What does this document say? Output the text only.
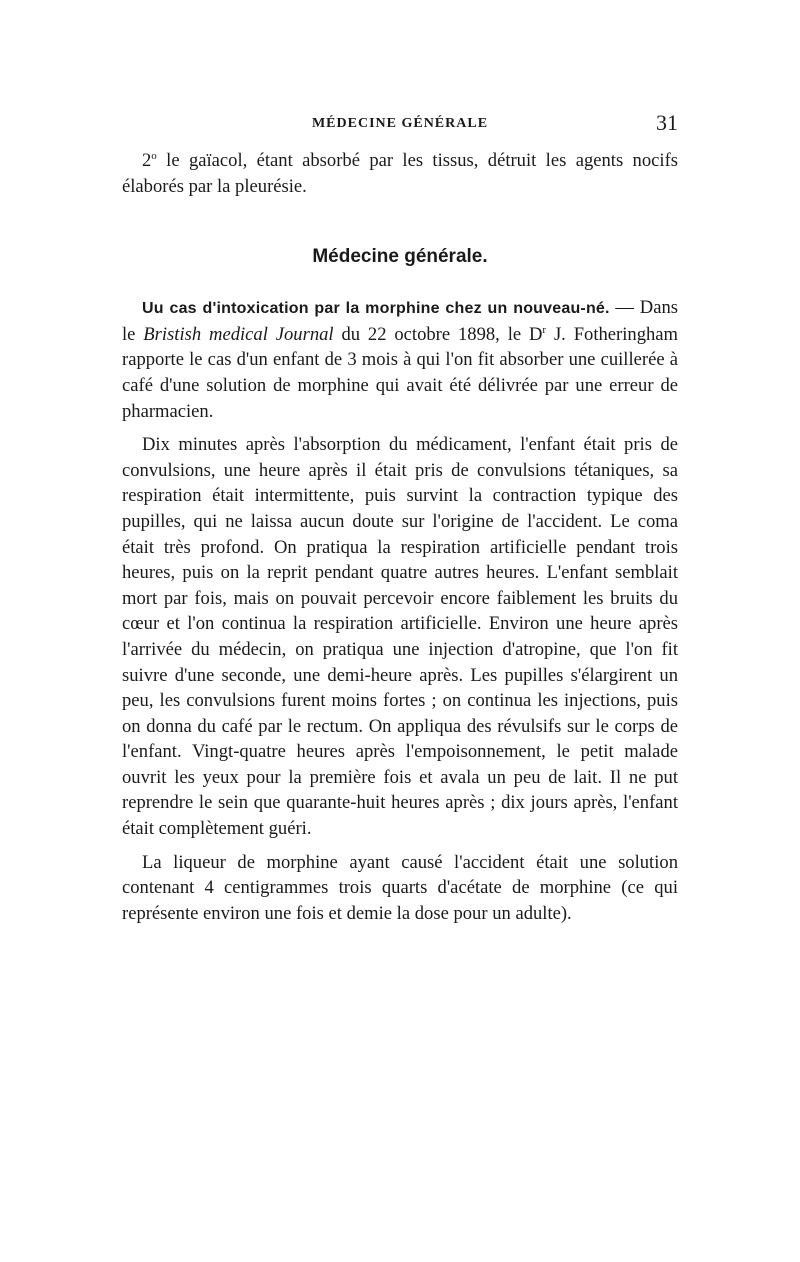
MÉDECINE GÉNÉRALE	31

2$^o$ le gaïacol, étant absorbé par les tissus, détruit les agents nocifs élaborés par la pleurésie.

Médecine générale.

Uu cas d'intoxication par la morphine chez un nouveau-né. — Dans le Bristish medical Journal du 22 octobre 1898, le $D^r$ J. Fotheringham rapporte le cas d'un enfant de 3 mois à qui l'on fit absorber une cuillerée à café d'une solution de morphine qui avait été délivrée par une erreur de pharmacien.

Dix minutes après l'absorption du médicament, l'enfant était pris de convulsions, une heure après il était pris de convulsions tétaniques, sa respiration était intermittente, puis survint la contraction typique des pupilles, qui ne laissa aucun doute sur l'origine de l'accident. Le coma était très profond. On pratiqua la respiration artificielle pendant trois heures, puis on la reprit pendant quatre autres heures. L'enfant semblait mort par fois, mais on pouvait percevoir encore faiblement les bruits du cœur et l'on continua la respiration artificielle. Environ une heure après l'arrivée du médecin, on pratiqua une injection d'atropine, que l'on fit suivre d'une seconde, une demi-heure après. Les pupilles s'élargirent un peu, les convulsions furent moins fortes ; on continua les injections, puis on donna du café par le rectum. On appliqua des révulsifs sur le corps de l'enfant. Vingt-quatre heures après l'empoisonnement, le petit malade ouvrit les yeux pour la première fois et avala un peu de lait. Il ne put reprendre le sein que quarante-huit heures après ; dix jours après, l'enfant était complètement guéri.

La liqueur de morphine ayant causé l'accident était une solution contenant 4 centigrammes trois quarts d'acétate de morphine (ce qui représente environ une fois et demie la dose pour un adulte).
